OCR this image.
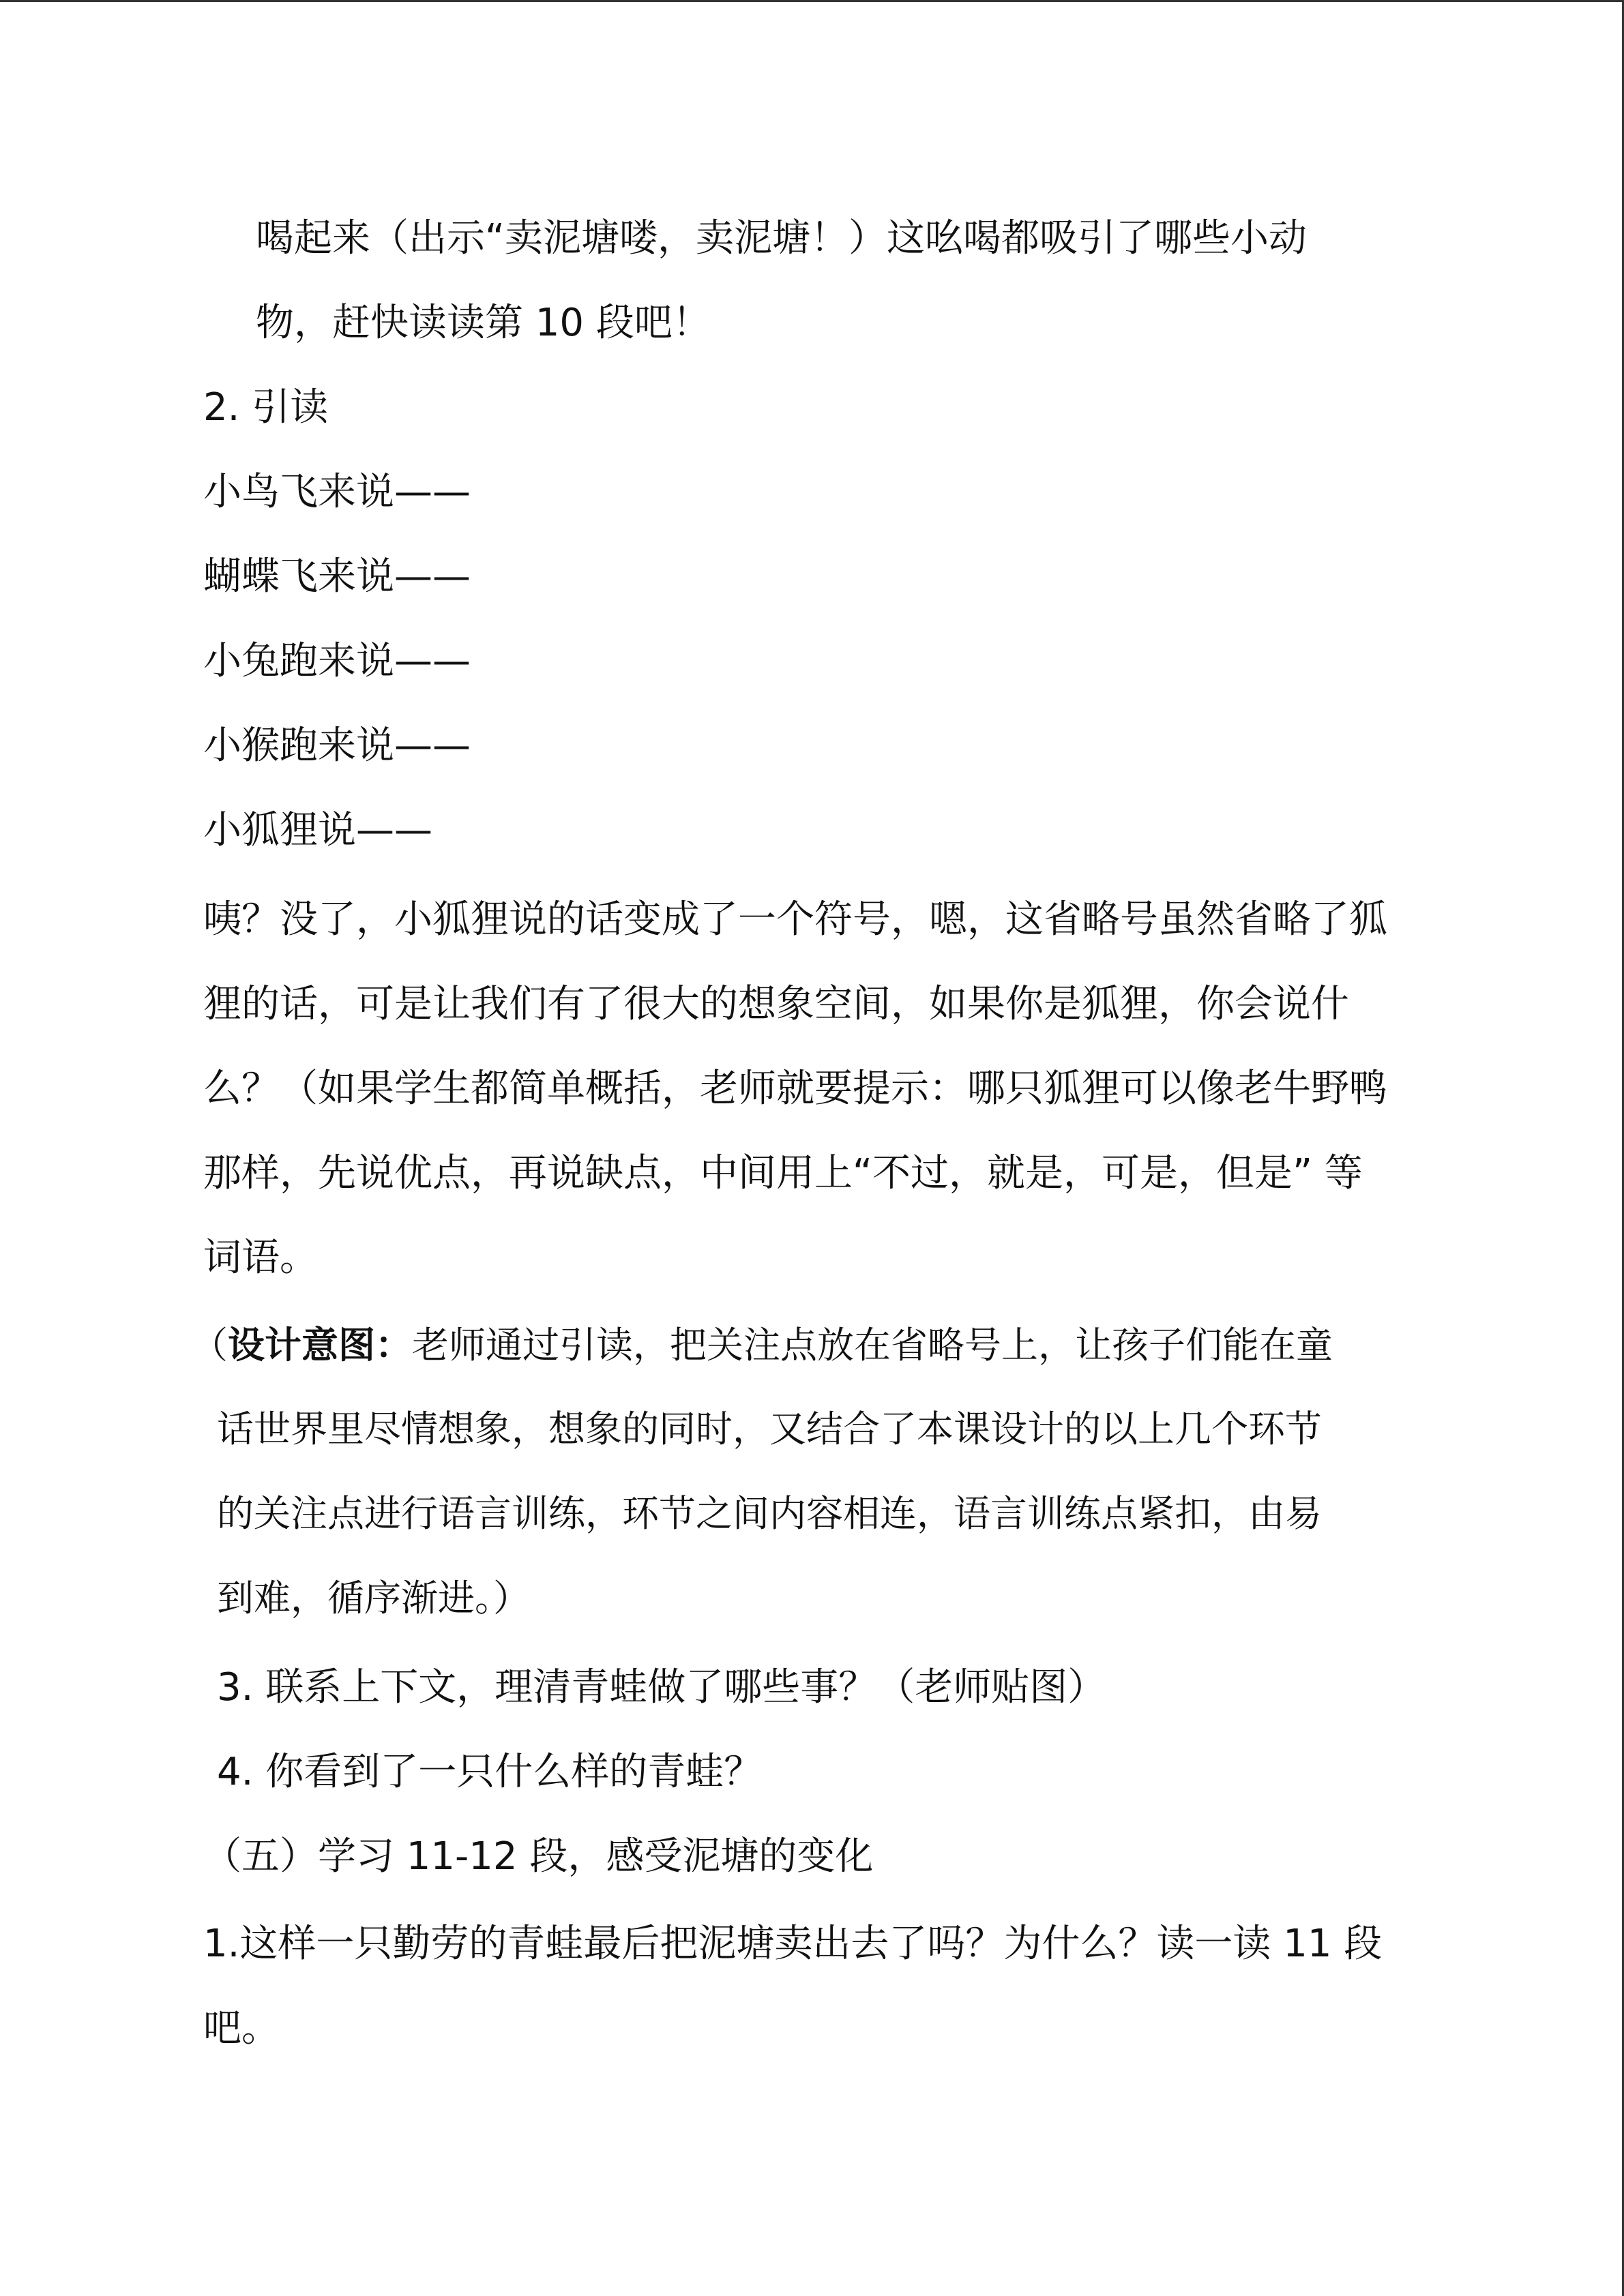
喝起来（出示“卖泥塘喽，卖泥塘！）这吆喝都吸引了哪些小动
物，赶快读读第 10 段吧！
2. 引读
小鸟飞来说——
蝴蝶飞来说——
小兔跑来说——
小猴跑来说——
小狐狸说——
咦？没了，小狐狸说的话变成了一个符号，嗯，这省略号虽然省略了狐
狸的话，可是让我们有了很大的想象空间，如果你是狐狸，你会说什
么？（如果学生都简单概括，老师就要提示：哪只狐狸可以像老牛野鸭
那样，先说优点，再说缺点，中间用上“不过，就是，可是，但是” 等
词语。
（设计意图：老师通过引读，把关注点放在省略号上，让孩子们能在童
话世界里尽情想象，想象的同时，又结合了本课设计的以上几个环节
的关注点进行语言训练，环节之间内容相连，语言训练点紧扣，由易
到难，循序渐进。）
3. 联系上下文，理清青蛙做了哪些事？（老师贴图）
4. 你看到了一只什么样的青蛙？
（五）学习 11-12 段，感受泥塘的变化
1.这样一只勤劳的青蛙最后把泥塘卖出去了吗？为什么？读一读 11 段
吧。
